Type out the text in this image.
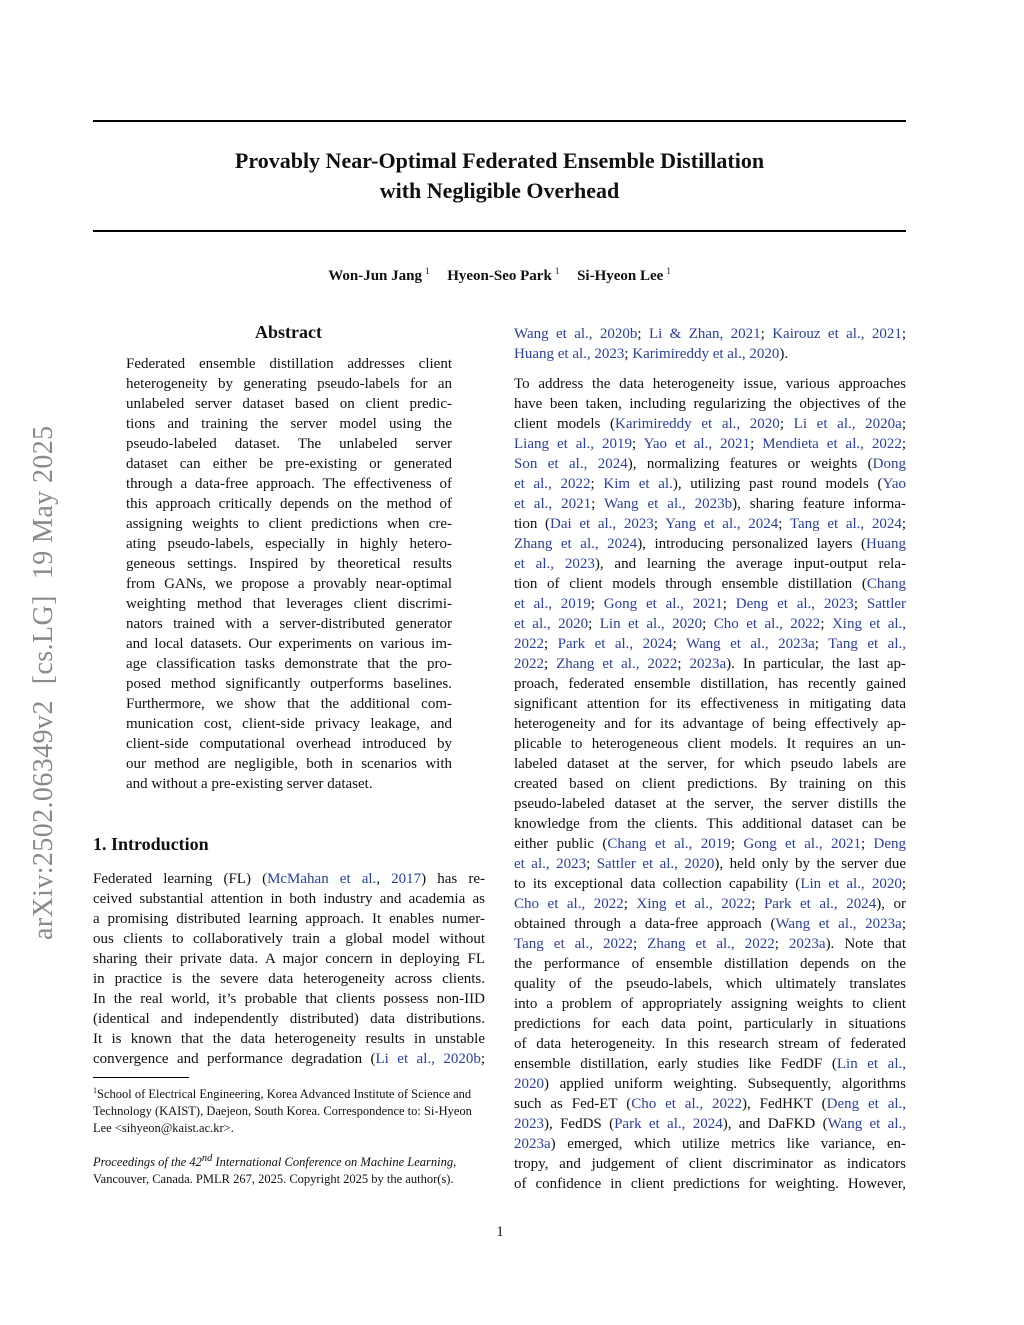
arXiv:2502.06349v2[cs.LG]19 May 2025
Provably Near-Optimal Federated Ensemble Distillation
with Negligible Overhead
Won-Jun Jang $^1$ Hyeon-Seo Park $^1$ Si-Hyeon Lee $^1$
Abstract
Federated ensemble distillation addresses client
heterogeneity by generating pseudo-labels for an
unlabeled server dataset based on client predic-
tions and training the server model using the
pseudo-labeled dataset. The unlabeled server
dataset can either be pre-existing or generated
through a data-free approach. The effectiveness of
this approach critically depends on the method of
assigning weights to client predictions when cre-
ating pseudo-labels, especially in highly hetero-
geneous settings. Inspired by theoretical results
from GANs, we propose a provably near-optimal
weighting method that leverages client discrimi-
nators trained with a server-distributed generator
and local datasets. Our experiments on various im-
age classification tasks demonstrate that the pro-
posed method significantly outperforms baselines.
Furthermore, we show that the additional com-
munication cost, client-side privacy leakage, and
client-side computational overhead introduced by
our method are negligible, both in scenarios with
and without a pre-existing server dataset.
1. Introduction
Federated learning (FL) (McMahan et al., 2017) has re-
ceived substantial attention in both industry and academia as
a promising distributed learning approach. It enables numer-
ous clients to collaboratively train a global model without
sharing their private data. A major concern in deploying FL
in practice is the severe data heterogeneity across clients.
In the real world, it’s probable that clients possess non-IID
(identical and independently distributed) data distributions.
It is known that the data heterogeneity results in unstable
convergence and performance degradation (Li et al., 2020b;
$^1$School of Electrical Engineering, Korea Advanced Institute of Science and Technology (KAIST), Daejeon, South Korea. Correspondence to: Si-Hyeon Lee <sihyeon@kaist.ac.kr>.
Proceedings of the 42nd International Conference on Machine Learning, Vancouver, Canada. PMLR 267, 2025. Copyright 2025 by the author(s).
Wang et al., 2020b; Li & Zhan, 2021; Kairouz et al., 2021;
Huang et al., 2023; Karimireddy et al., 2020).
To address the data heterogeneity issue, various approaches
have been taken, including regularizing the objectives of the
client models (Karimireddy et al., 2020; Li et al., 2020a;
Liang et al., 2019; Yao et al., 2021; Mendieta et al., 2022;
Son et al., 2024), normalizing features or weights (Dong
et al., 2022; Kim et al.), utilizing past round models (Yao
et al., 2021; Wang et al., 2023b), sharing feature informa-
tion (Dai et al., 2023; Yang et al., 2024; Tang et al., 2024;
Zhang et al., 2024), introducing personalized layers (Huang
et al., 2023), and learning the average input-output rela-
tion of client models through ensemble distillation (Chang
et al., 2019; Gong et al., 2021; Deng et al., 2023; Sattler
et al., 2020; Lin et al., 2020; Cho et al., 2022; Xing et al.,
2022; Park et al., 2024; Wang et al., 2023a; Tang et al.,
2022; Zhang et al., 2022; 2023a). In particular, the last ap-
proach, federated ensemble distillation, has recently gained
significant attention for its effectiveness in mitigating data
heterogeneity and for its advantage of being effectively ap-
plicable to heterogeneous client models. It requires an un-
labeled dataset at the server, for which pseudo labels are
created based on client predictions. By training on this
pseudo-labeled dataset at the server, the server distills the
knowledge from the clients. This additional dataset can be
either public (Chang et al., 2019; Gong et al., 2021; Deng
et al., 2023; Sattler et al., 2020), held only by the server due
to its exceptional data collection capability (Lin et al., 2020;
Cho et al., 2022; Xing et al., 2022; Park et al., 2024), or
obtained through a data-free approach (Wang et al., 2023a;
Tang et al., 2022; Zhang et al., 2022; 2023a). Note that
the performance of ensemble distillation depends on the
quality of the pseudo-labels, which ultimately translates
into a problem of appropriately assigning weights to client
predictions for each data point, particularly in situations
of data heterogeneity. In this research stream of federated
ensemble distillation, early studies like FedDF (Lin et al.,
2020) applied uniform weighting. Subsequently, algorithms
such as Fed-ET (Cho et al., 2022), FedHKT (Deng et al.,
2023), FedDS (Park et al., 2024), and DaFKD (Wang et al.,
2023a) emerged, which utilize metrics like variance, en-
tropy, and judgement of client discriminator as indicators
of confidence in client predictions for weighting. However,
1
